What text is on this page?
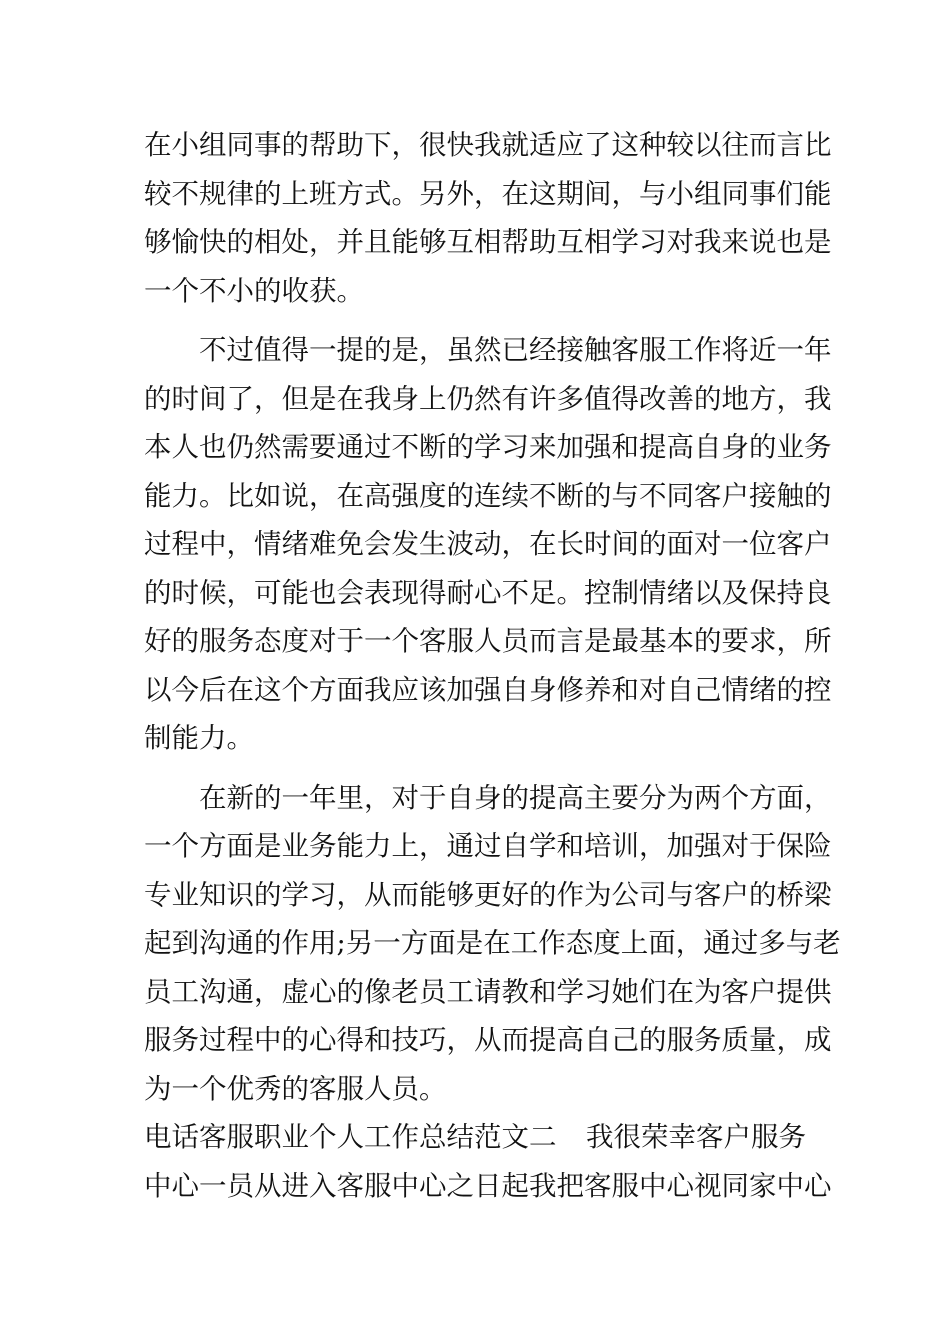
在小组同事的帮助下，很快我就适应了这种较以往而言比
较不规律的上班方式。另外，在这期间，与小组同事们能
够愉快的相处，并且能够互相帮助互相学习对我来说也是
一个不小的收获。
不过值得一提的是，虽然已经接触客服工作将近一年
的时间了，但是在我身上仍然有许多值得改善的地方，我
本人也仍然需要通过不断的学习来加强和提高自身的业务
能力。比如说，在高强度的连续不断的与不同客户接触的
过程中，情绪难免会发生波动，在长时间的面对一位客户
的时候，可能也会表现得耐心不足。控制情绪以及保持良
好的服务态度对于一个客服人员而言是最基本的要求，所
以今后在这个方面我应该加强自身修养和对自己情绪的控
制能力。
在新的一年里，对于自身的提高主要分为两个方面，
一个方面是业务能力上，通过自学和培训，加强对于保险
专业知识的学习，从而能够更好的作为公司与客户的桥梁
起到沟通的作用;另一方面是在工作态度上面，通过多与老
员工沟通，虚心的像老员工请教和学习她们在为客户提供
服务过程中的心得和技巧，从而提高自己的服务质量，成
为一个优秀的客服人员。
电话客服职业个人工作总结范文二 我很荣幸客户服务
中心一员从进入客服中心之日起我把客服中心视同家中心
